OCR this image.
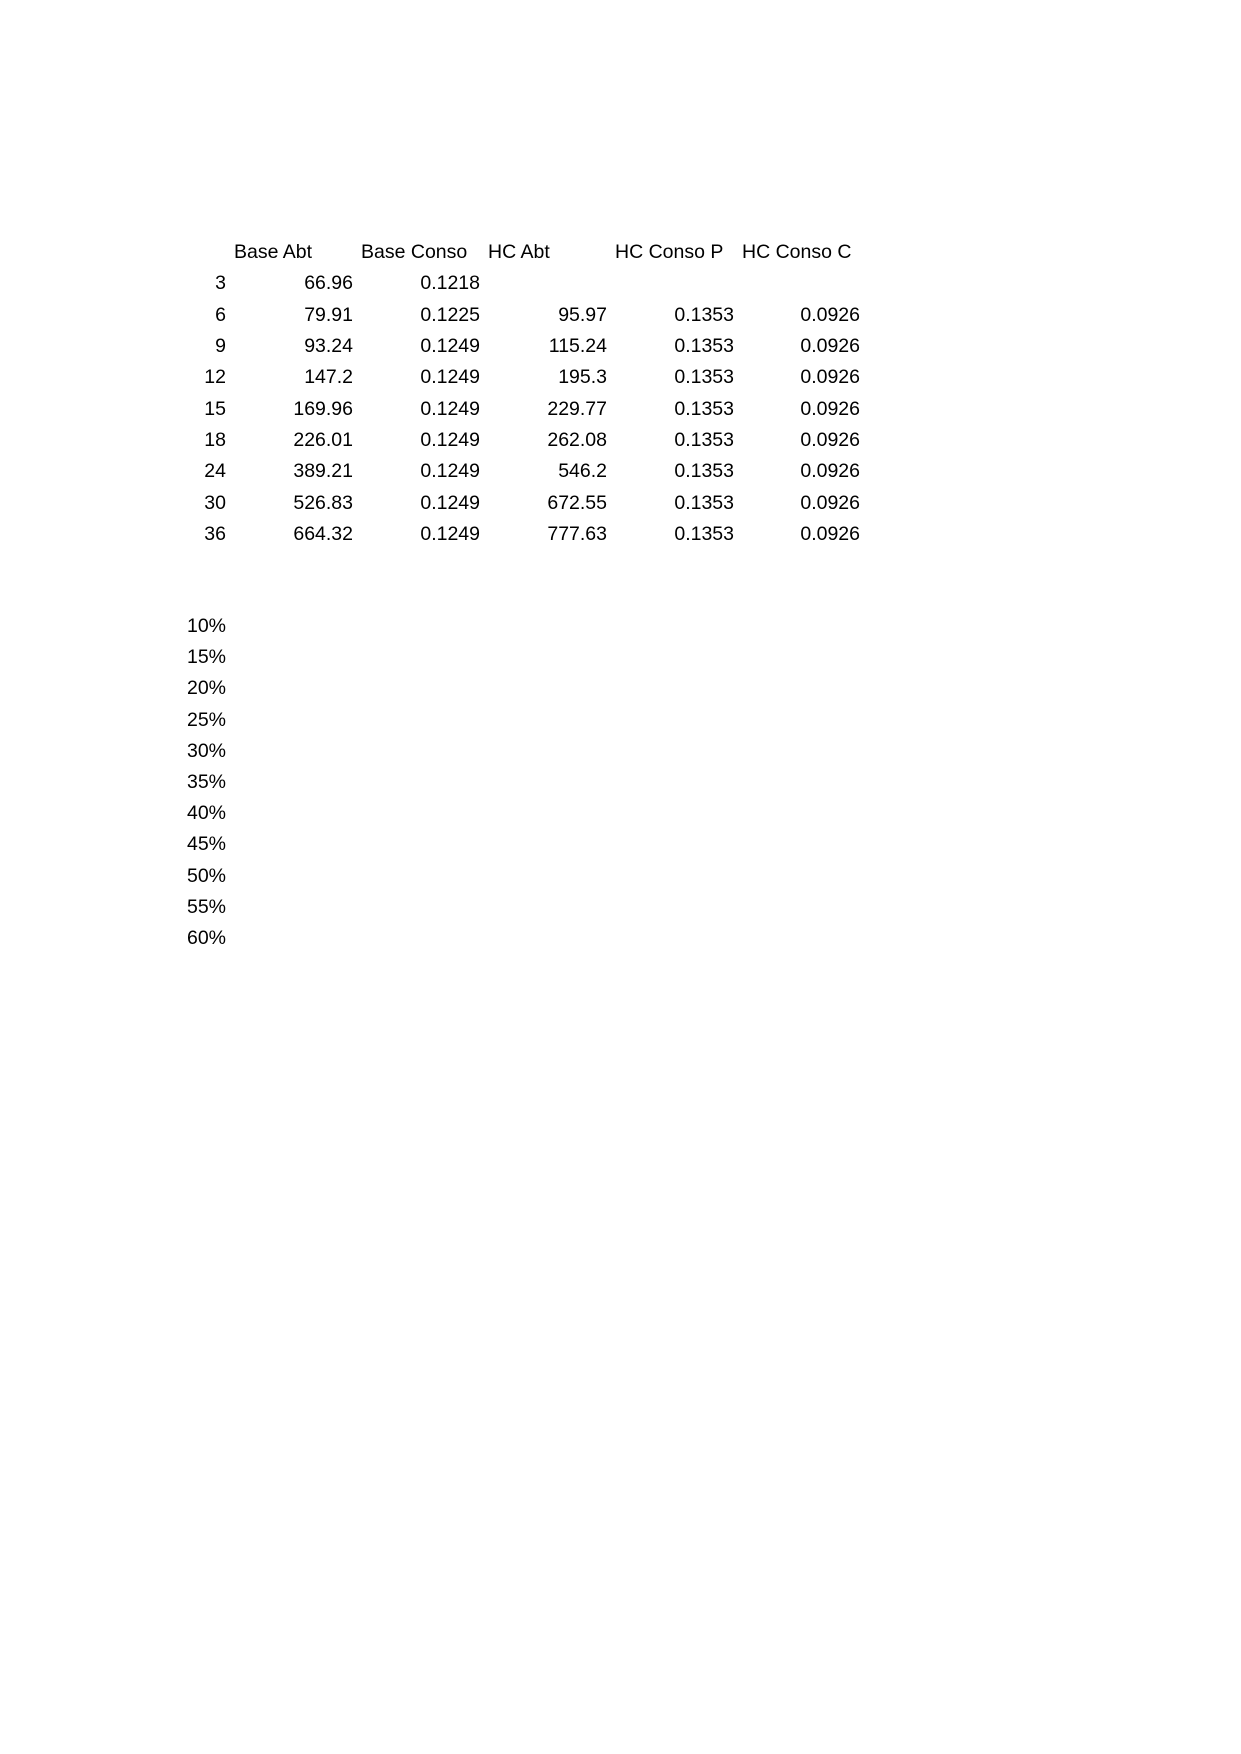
	Base Abt	Base Conso	HC Abt	HC Conso P	HC Conso C
3	66.96	0.1218			
6	79.91	0.1225	95.97	0.1353	0.0926
9	93.24	0.1249	115.24	0.1353	0.0926
12	147.2	0.1249	195.3	0.1353	0.0926
15	169.96	0.1249	229.77	0.1353	0.0926
18	226.01	0.1249	262.08	0.1353	0.0926
24	389.21	0.1249	546.2	0.1353	0.0926
30	526.83	0.1249	672.55	0.1353	0.0926
36	664.32	0.1249	777.63	0.1353	0.0926
10%
15%
20%
25%
30%
35%
40%
45%
50%
55%
60%
